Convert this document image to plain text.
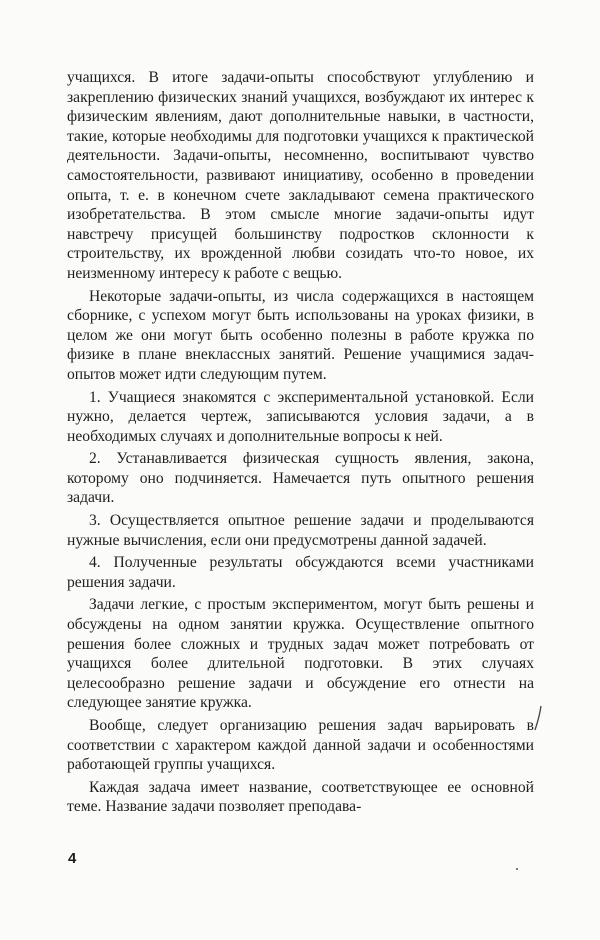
учащихся. В итоге задачи-опыты способствуют углублению и закреплению физических знаний учащихся, возбуждают их интерес к физическим явлениям, дают дополнительные навыки, в частности, такие, которые необходимы для подготовки учащихся к практической деятельности. Задачи-опыты, несомненно, воспитывают чувство самостоятельности, развивают инициативу, особенно в проведении опыта, т. е. в конечном счете закладывают семена практического изобретательства. В этом смысле многие задачи-опыты идут навстречу присущей большинству подростков склонности к строительству, их врожденной любви созидать что-то новое, их неизменному интересу к работе с вещью.

Некоторые задачи-опыты, из числа содержащихся в настоящем сборнике, с успехом могут быть использованы на уроках физики, в целом же они могут быть особенно полезны в работе кружка по физике в плане внеклассных занятий. Решение учащимися задач-опытов может идти следующим путем.

1. Учащиеся знакомятся с экспериментальной установкой. Если нужно, делается чертеж, записываются условия задачи, а в необходимых случаях и дополнительные вопросы к ней.

2. Устанавливается физическая сущность явления, закона, которому оно подчиняется. Намечается путь опытного решения задачи.

3. Осуществляется опытное решение задачи и проделываются нужные вычисления, если они предусмотрены данной задачей.

4. Полученные результаты обсуждаются всеми участниками решения задачи.

Задачи легкие, с простым экспериментом, могут быть решены и обсуждены на одном занятии кружка. Осуществление опытного решения более сложных и трудных задач может потребовать от учащихся более длительной подготовки. В этих случаях целесообразно решение задачи и обсуждение его отнести на следующее занятие кружка.

Вообще, следует организацию решения задач варьировать в соответствии с характером каждой данной задачи и особенностями работающей группы учащихся.

Каждая задача имеет название, соответствующее ее основной теме. Название задачи позволяет преподава-

4
